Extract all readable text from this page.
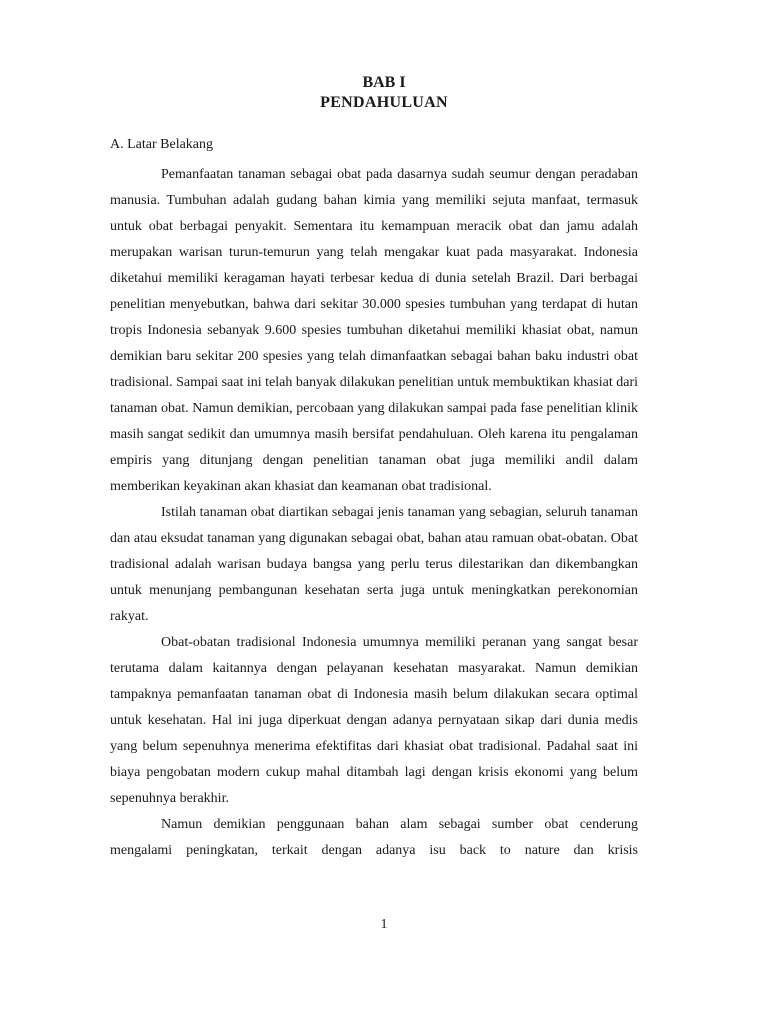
BAB I
PENDAHULUAN
A. Latar Belakang

Pemanfaatan tanaman sebagai obat pada dasarnya sudah seumur dengan peradaban manusia. Tumbuhan adalah gudang bahan kimia yang memiliki sejuta manfaat, termasuk untuk obat berbagai penyakit. Sementara itu kemampuan meracik obat dan jamu adalah merupakan warisan turun-temurun yang telah mengakar kuat pada masyarakat. Indonesia diketahui memiliki keragaman hayati terbesar kedua di dunia setelah Brazil. Dari berbagai penelitian menyebutkan, bahwa dari sekitar 30.000 spesies tumbuhan yang terdapat di hutan tropis Indonesia sebanyak 9.600 spesies tumbuhan diketahui memiliki khasiat obat, namun demikian baru sekitar 200 spesies yang telah dimanfaatkan sebagai bahan baku industri obat tradisional. Sampai saat ini telah banyak dilakukan penelitian untuk membuktikan khasiat dari tanaman obat. Namun demikian, percobaan yang dilakukan sampai pada fase penelitian klinik masih sangat sedikit dan umumnya masih bersifat pendahuluan. Oleh karena itu pengalaman empiris yang ditunjang dengan penelitian tanaman obat juga memiliki andil dalam memberikan keyakinan akan khasiat dan keamanan obat tradisional.

Istilah tanaman obat diartikan sebagai jenis tanaman yang sebagian, seluruh tanaman dan atau eksudat tanaman yang digunakan sebagai obat, bahan atau ramuan obat-obatan. Obat tradisional adalah warisan budaya bangsa yang perlu terus dilestarikan dan dikembangkan untuk menunjang pembangunan kesehatan serta juga untuk meningkatkan perekonomian rakyat.

Obat-obatan tradisional Indonesia umumnya memiliki peranan yang sangat besar terutama dalam kaitannya dengan pelayanan kesehatan masyarakat. Namun demikian tampaknya pemanfaatan tanaman obat di Indonesia masih belum dilakukan secara optimal untuk kesehatan. Hal ini juga diperkuat dengan adanya pernyataan sikap dari dunia medis yang belum sepenuhnya menerima efektifitas dari khasiat obat tradisional. Padahal saat ini biaya pengobatan modern cukup mahal ditambah lagi dengan krisis ekonomi yang belum sepenuhnya berakhir.

Namun demikian penggunaan bahan alam sebagai sumber obat cenderung mengalami peningkatan, terkait dengan adanya isu back to nature dan krisis

1
